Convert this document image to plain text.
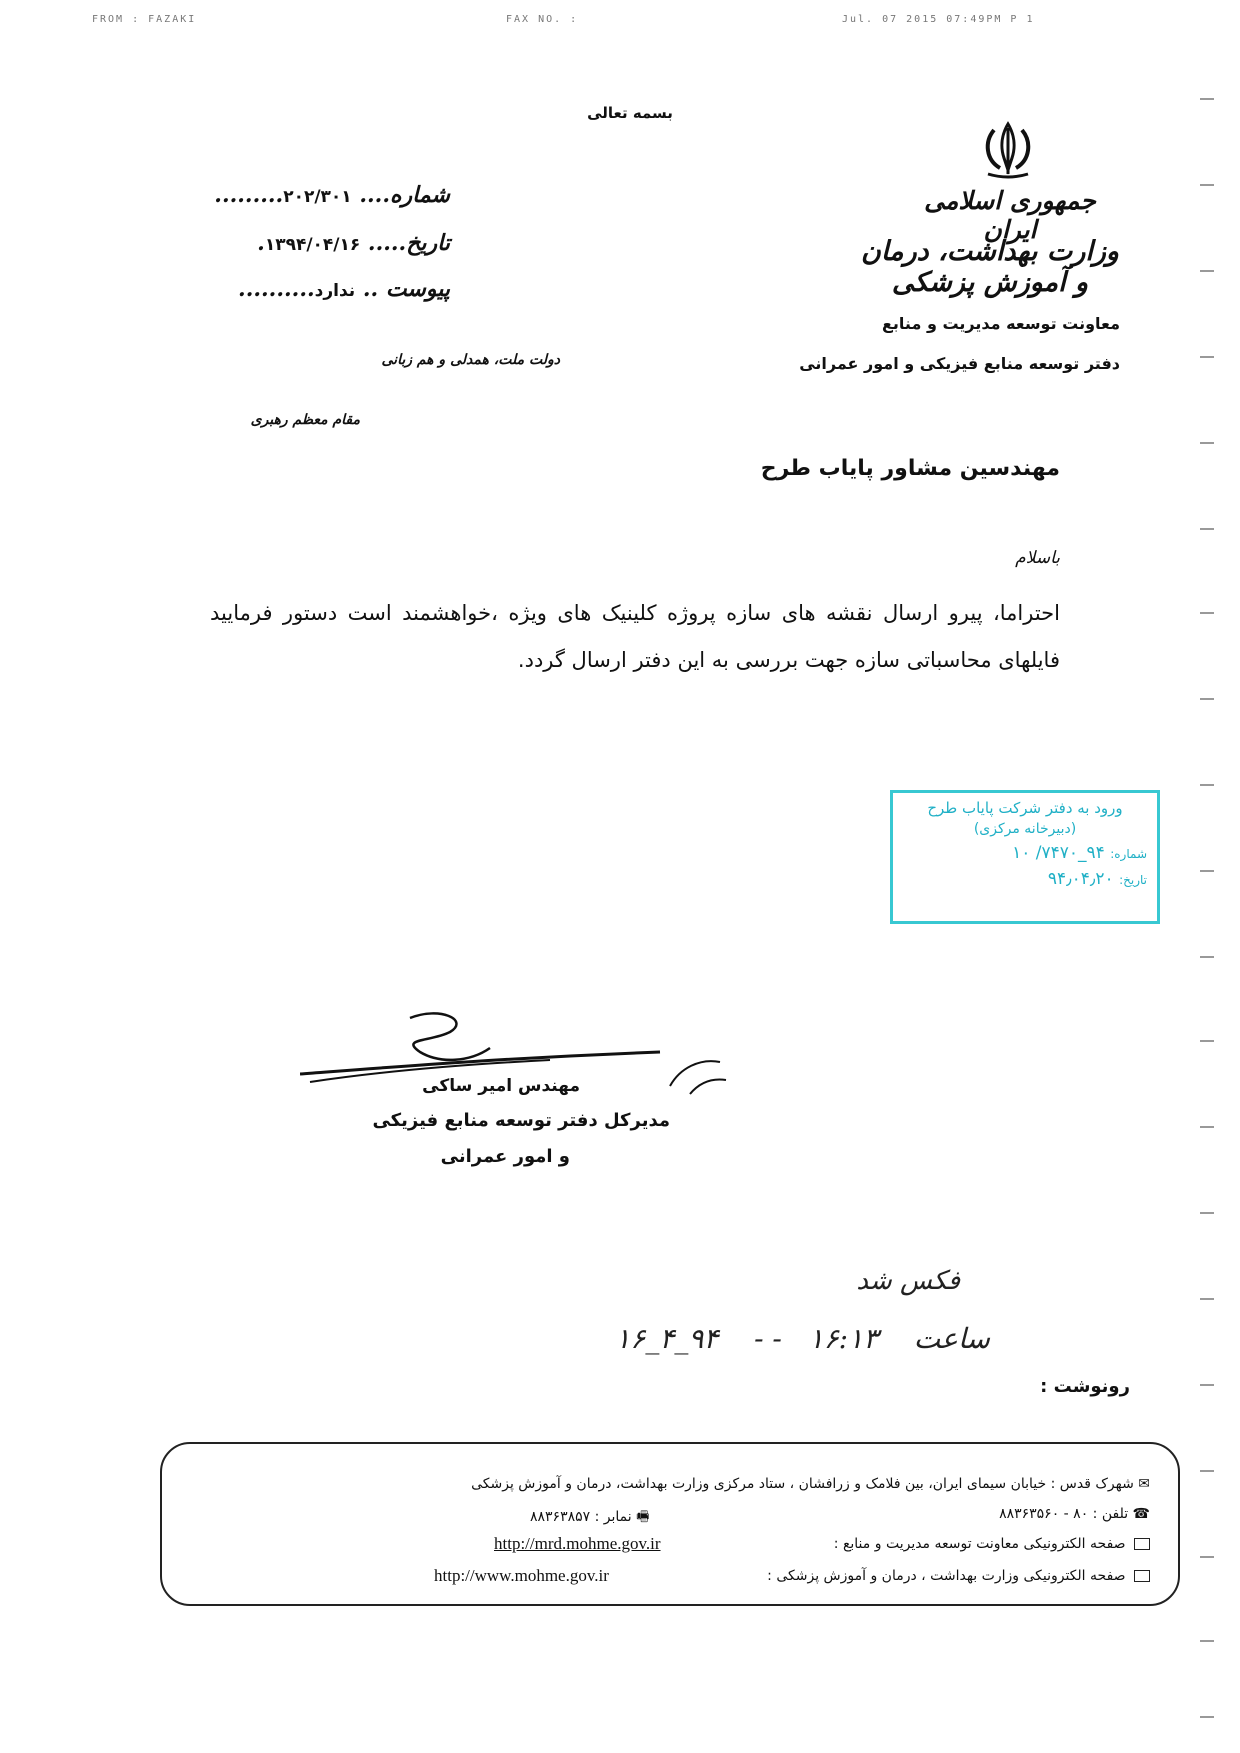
FROM : FAZAKI	FAX NO. :	Jul. 07 2015 07:49PM P 1
بسمه تعالی
جمهوری اسلامی ایران
وزارت بهداشت، درمان و آموزش پزشکی
معاونت توسعه مدیریت و منابع
دفتر توسعه منابع فیزیکی و امور عمرانی
شماره.... ۲۰۲/۳۰۱.........
تاریخ..... ۱۳۹۴/۰۴/۱۶.
پیوست .. ندارد..........
دولت ملت، همدلی و هم زبانی
مقام معظم رهبری
مهندسین مشاور پایاب طرح
باسلام
احتراما، پیرو ارسال نقشه های سازه پروژه کلینیک های ویژه ،خواهشمند است دستور فرمایید فایلهای محاسباتی سازه جهت بررسی به این دفتر ارسال گردد.
ورود به دفتر شرکت پایاب طرح
(دبیرخانه مرکزی)
شماره: ۹۴_۷۴۷۰/ ۱۰
تاریخ: ۹۴٫۰۴٫۲۰
مهندس امیر ساکی
مدیرکل دفتر توسعه منابع فیزیکی
و امور عمرانی
فکس شد
ساعت    ۱۶:۱۳   - -    ۹۴_۴_۱۶
رونوشت :
✉ شهرک قدس : خیابان سیمای ایران، بین فلامک و زرافشان ، ستاد مرکزی وزارت بهداشت، درمان و آموزش پزشکی
☎ تلفن : ۸۰ - ۸۸۳۶۳۵۶۰
🖷 نمابر : ۸۸۳۶۳۸۵۷
صفحه الکترونیکی معاونت توسعه مدیریت و منابع :
http://mrd.mohme.gov.ir
صفحه الکترونیکی وزارت بهداشت ، درمان و آموزش پزشکی :
http://www.mohme.gov.ir
